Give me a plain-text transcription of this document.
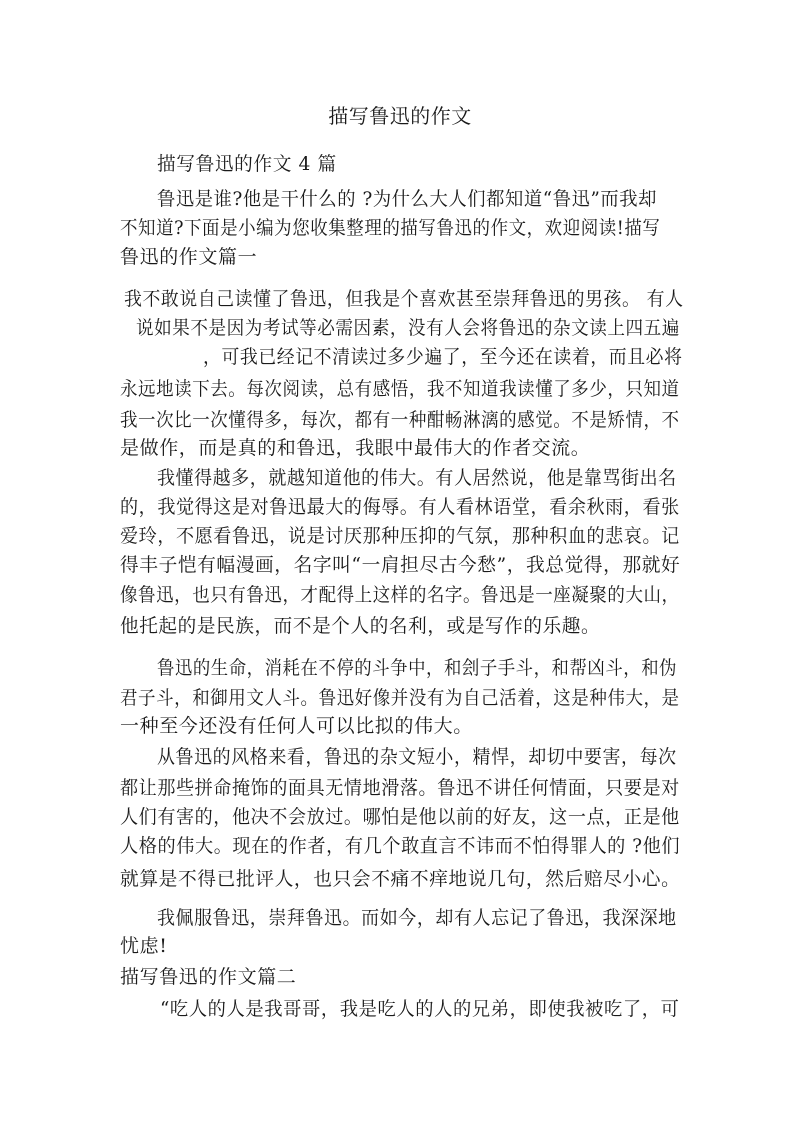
描写鲁迅的作文
描写鲁迅的作文 4 篇
鲁迅是谁?他是干什么的 ?为什么大人们都知道“鲁迅”而我却
不知道?下面是小编为您收集整理的描写鲁迅的作文，欢迎阅读!描写
鲁迅的作文篇一
我不敢说自己读懂了鲁迅，但我是个喜欢甚至崇拜鲁迅的男孩。 有人
说如果不是因为考试等必需因素，没有人会将鲁迅的杂文读上四五遍
，可我已经记不清读过多少遍了，至今还在读着，而且必将
永远地读下去。每次阅读，总有感悟，我不知道我读懂了多少，只知道
我一次比一次懂得多，每次，都有一种酣畅淋漓的感觉。不是矫情，不
是做作，而是真的和鲁迅，我眼中最伟大的作者交流。
我懂得越多，就越知道他的伟大。有人居然说，他是靠骂街出名
的，我觉得这是对鲁迅最大的侮辱。有人看林语堂，看余秋雨，看张
爱玲，不愿看鲁迅，说是讨厌那种压抑的气氛，那种积血的悲哀。记
得丰子恺有幅漫画，名字叫“一肩担尽古今愁”，我总觉得，那就好
像鲁迅，也只有鲁迅，才配得上这样的名字。鲁迅是一座凝聚的大山，
他托起的是民族，而不是个人的名利，或是写作的乐趣。
鲁迅的生命，消耗在不停的斗争中，和刽子手斗，和帮凶斗，和伪
君子斗，和御用文人斗。鲁迅好像并没有为自己活着，这是种伟大，是
一种至今还没有任何人可以比拟的伟大。
从鲁迅的风格来看，鲁迅的杂文短小，精悍，却切中要害，每次
都让那些拼命掩饰的面具无情地滑落。鲁迅不讲任何情面，只要是对
人们有害的，他决不会放过。哪怕是他以前的好友，这一点，正是他
人格的伟大。现在的作者，有几个敢直言不讳而不怕得罪人的 ?他们
就算是不得已批评人，也只会不痛不痒地说几句，然后赔尽小心。
我佩服鲁迅，崇拜鲁迅。而如今，却有人忘记了鲁迅，我深深地
忧虑!
描写鲁迅的作文篇二
“吃人的人是我哥哥，我是吃人的人的兄弟，即使我被吃了，可
